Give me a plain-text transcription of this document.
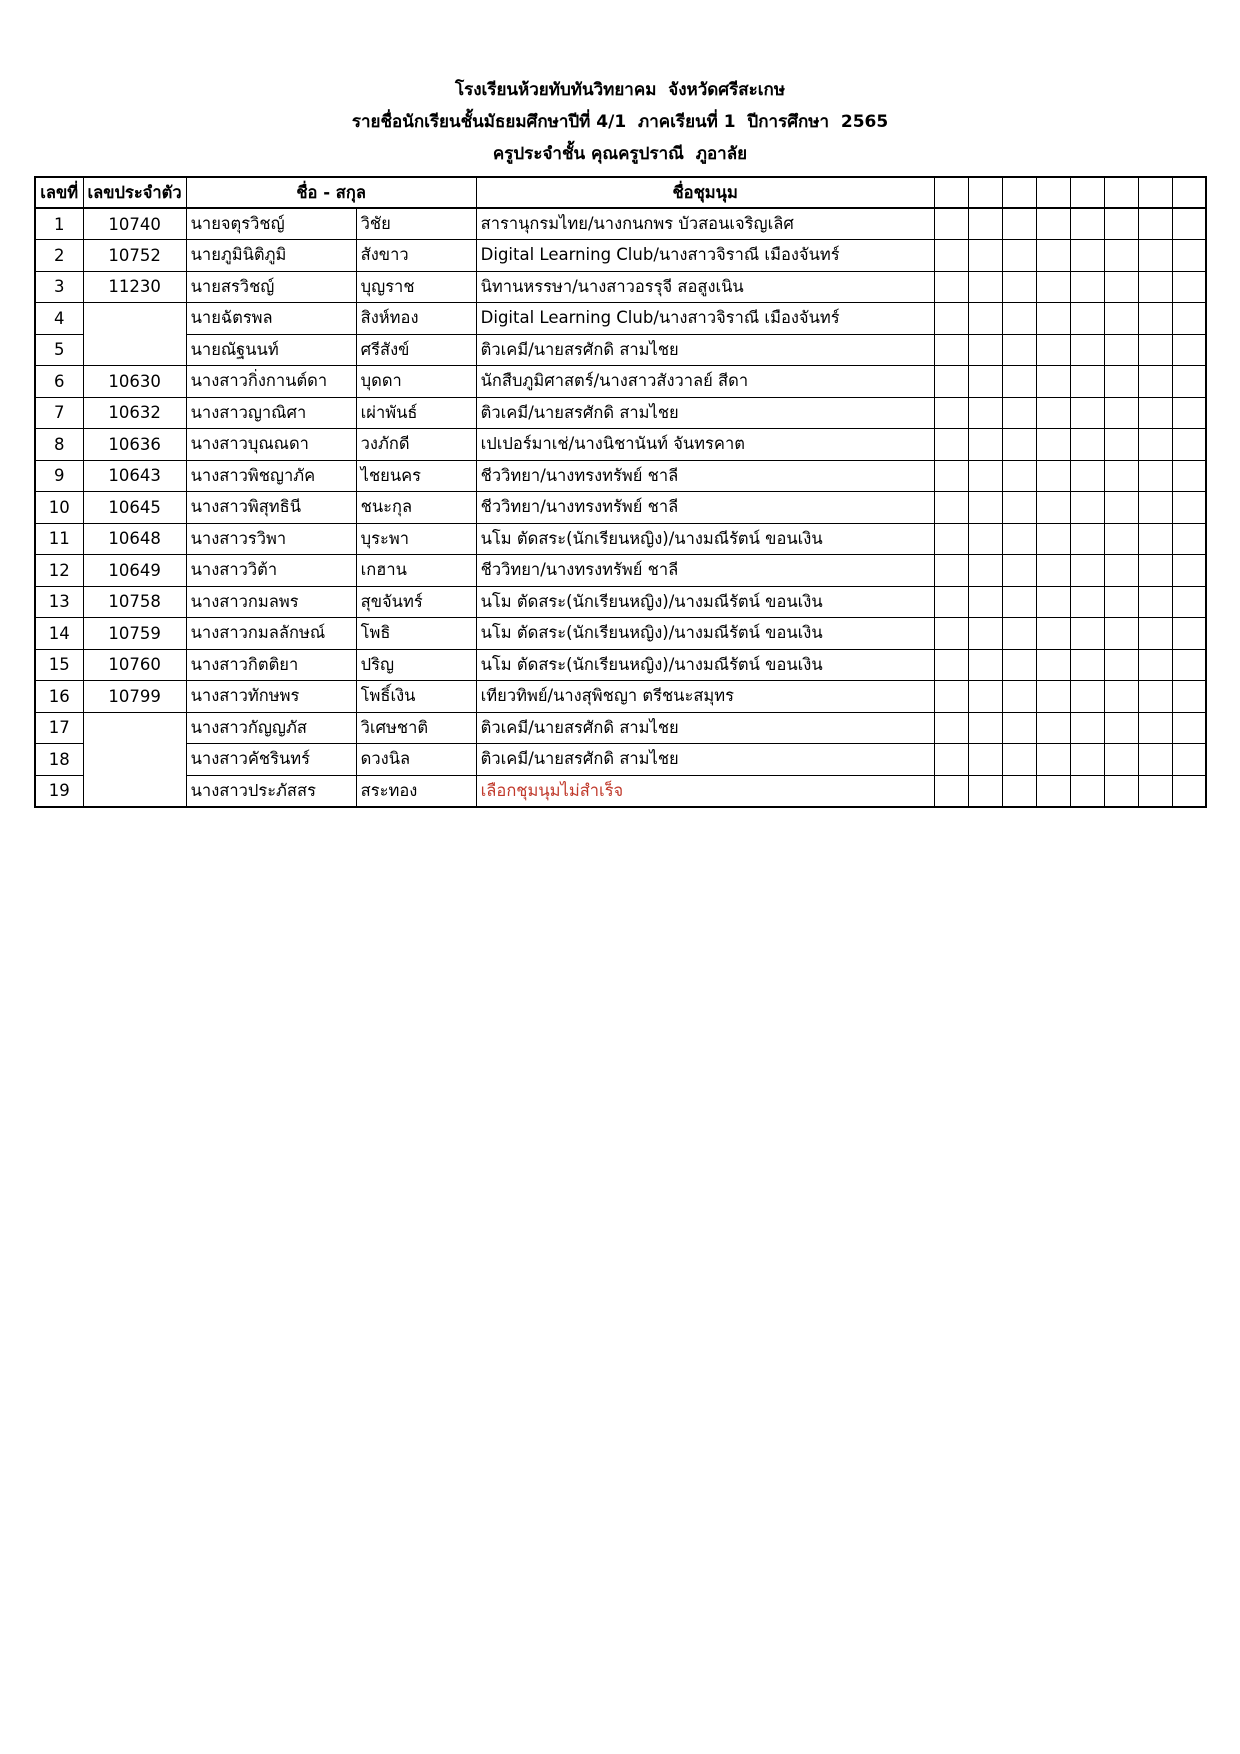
โรงเรียนห้วยทับทันวิทยาคม  จังหวัดศรีสะเกษ
รายชื่อนักเรียนชั้นมัธยมศึกษาปีที่ 4/1  ภาคเรียนที่ 1  ปีการศึกษา  2565
ครูประจำชั้น คุณครูปราณี  ภูอาลัย
เลขที่	เลขประจำตัว	ชื่อ - สกุล		ชื่อชุมนุม								
1	10740	นายจตุรวิชญ์	วิชัย	สารานุกรมไทย/นางกนกพร บัวสอนเจริญเลิศ								
2	10752	นายภูมินิติภูมิ	สังขาว	Digital Learning Club/นางสาวจิราณี เมืองจันทร์								
3	11230	นายสรวิชญ์	บุญราช	นิทานหรรษา/นางสาวอรรุจี สอสูงเนิน								
4		นายฉัตรพล	สิงห์ทอง	Digital Learning Club/นางสาวจิราณี เมืองจันทร์								
5		นายณัฐนนท์	ศรีสังข์	ติวเคมี/นายสรศักดิ สามไชย								
6	10630	นางสาวกิ่งกานต์ดา	บุดดา	นักสืบภูมิศาสตร์/นางสาวสังวาลย์ สีดา								
7	10632	นางสาวญาณิศา	เผ่าพันธ์	ติวเคมี/นายสรศักดิ สามไชย								
8	10636	นางสาวบุณณดา	วงภักดี	เปเปอร์มาเช่/นางนิชานันท์ จันทรคาต								
9	10643	นางสาวพิชญาภัค	ไชยนคร	ชีววิทยา/นางทรงทรัพย์ ชาลี								
10	10645	นางสาวพิสุทธินี	ชนะกุล	ชีววิทยา/นางทรงทรัพย์ ชาลี								
11	10648	นางสาวรวิพา	บุระพา	นโม ตัดสระ(นักเรียนหญิง)/นางมณีรัตน์ ขอนเงิน								
12	10649	นางสาววิต้า	เกฮาน	ชีววิทยา/นางทรงทรัพย์ ชาลี								
13	10758	นางสาวกมลพร	สุขจันทร์	นโม ตัดสระ(นักเรียนหญิง)/นางมณีรัตน์ ขอนเงิน								
14	10759	นางสาวกมลลักษณ์	โพธิ	นโม ตัดสระ(นักเรียนหญิง)/นางมณีรัตน์ ขอนเงิน								
15	10760	นางสาวกิตติยา	ปริญ	นโม ตัดสระ(นักเรียนหญิง)/นางมณีรัตน์ ขอนเงิน								
16	10799	นางสาวทักษพร	โพธิ์เงิน	เทียวทิพย์/นางสุพิชญา ตรีชนะสมุทร								
17		นางสาวกัญญภัส	วิเศษชาติ	ติวเคมี/นายสรศักดิ สามไชย								
18		นางสาวคัชรินทร์	ดวงนิล	ติวเคมี/นายสรศักดิ สามไชย								
19		นางสาวประภัสสร	สระทอง	เลือกชุมนุมไม่สำเร็จ								
